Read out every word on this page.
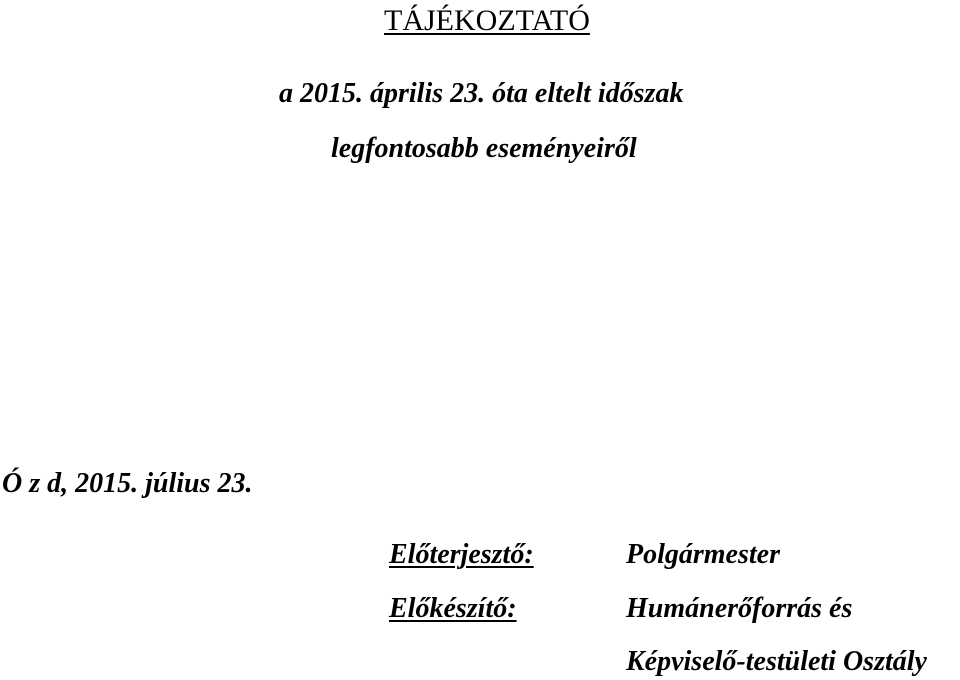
TÁJÉKOZTATÓ
a 2015. április 23. óta eltelt időszak
legfontosabb eseményeiről
Ó z d, 2015. július 23.
Előterjesztő:	Polgármester
Előkészítő:	Humánerőforrás és
Képviselő-testületi Osztály
